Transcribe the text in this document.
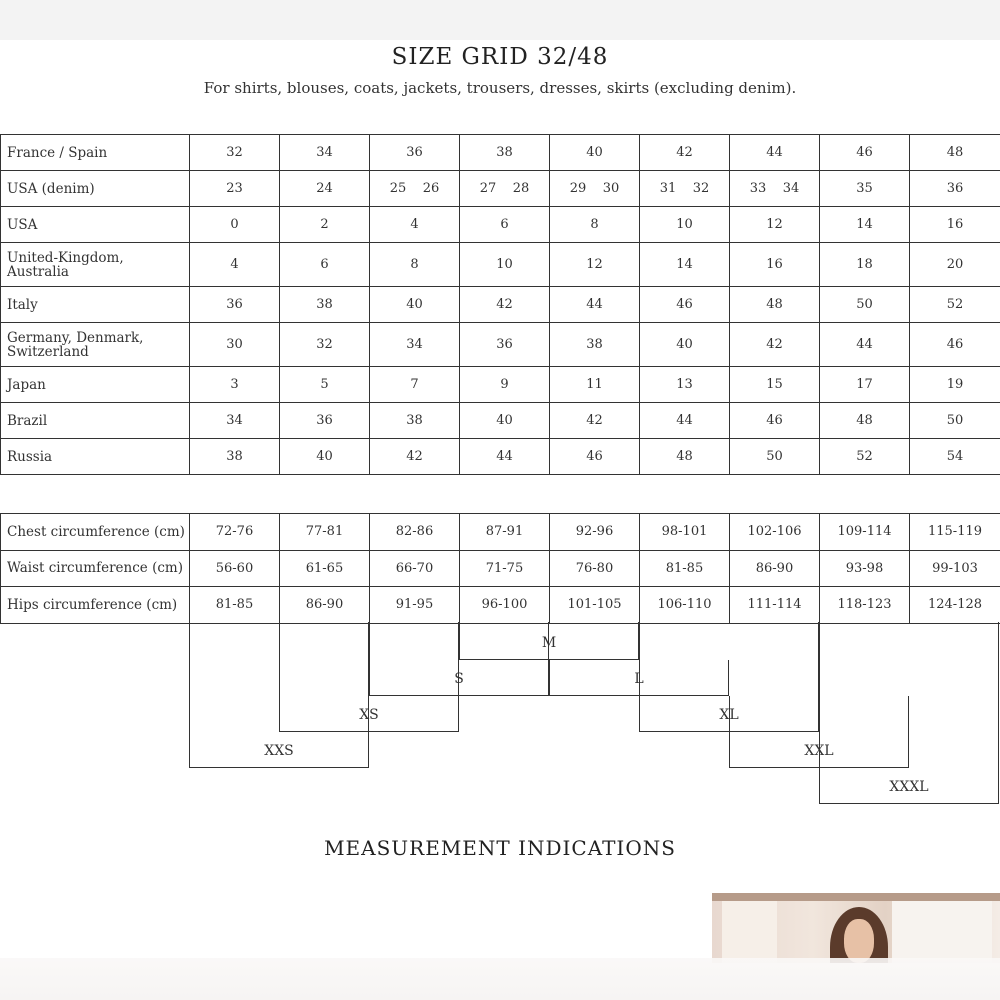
SIZE GRID 32/48

For shirts, blouses, coats, jackets, trousers, dresses, skirts (excluding denim).

France / Spain	32	34	36	38	40	42	44	46	48
USA (denim)	23	24	25    26	27    28	29    30	31    32	33    34	35	36
USA	0	2	4	6	8	10	12	14	16
United-Kingdom, Australia	4	6	8	10	12	14	16	18	20
Italy	36	38	40	42	44	46	48	50	52
Germany, Denmark, Switzerland	30	32	34	36	38	40	42	44	46
Japan	3	5	7	9	11	13	15	17	19
Brazil	34	36	38	40	42	44	46	48	50
Russia	38	40	42	44	46	48	50	52	54
Chest circumference (cm)	72-76	77-81	82-86	87-91	92-96	98-101	102-106	109-114	115-119
Waist circumference (cm)	56-60	61-65	66-70	71-75	76-80	81-85	86-90	93-98	99-103
Hips circumference (cm)	81-85	86-90	91-95	96-100	101-105	106-110	111-114	118-123	124-128
M
S	L
XS	XL
XXS	XXL
XXXL
MEASUREMENT INDICATIONS
